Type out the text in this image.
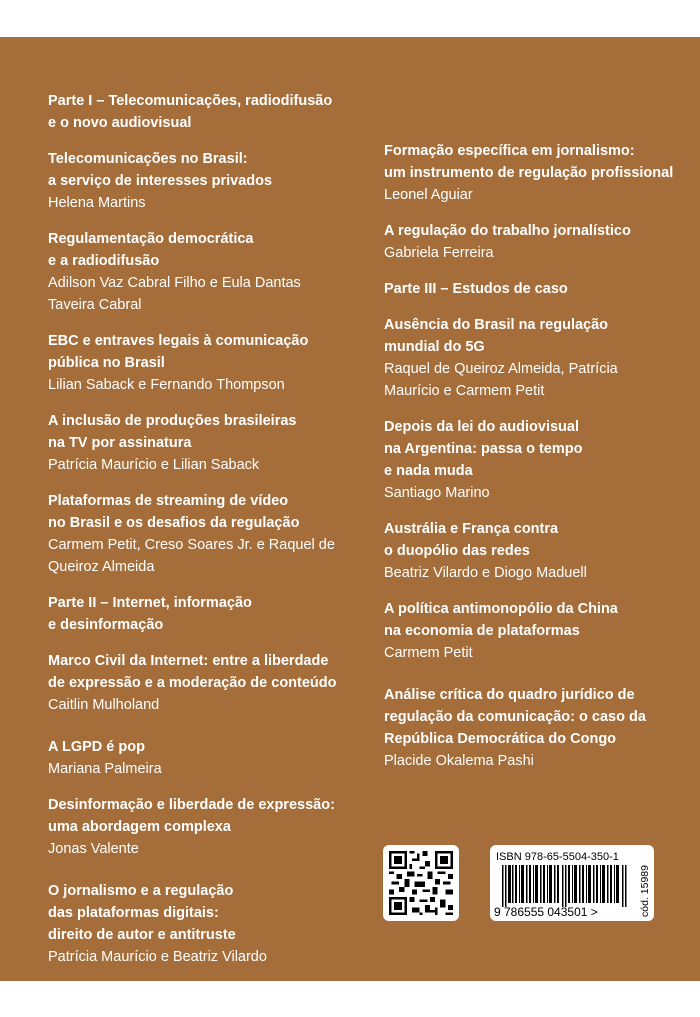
Parte I – Telecomunicações, radiodifusão
e o novo audiovisual
Telecomunicações no Brasil:
a serviço de interesses privados
Helena Martins
Regulamentação democrática
e a radiodifusão
Adilson Vaz Cabral Filho e Eula Dantas
Taveira Cabral
EBC e entraves legais à comunicação
pública no Brasil
Lilian Saback e Fernando Thompson
A inclusão de produções brasileiras
na TV por assinatura
Patrícia Maurício e Lilian Saback
Plataformas de streaming de vídeo
no Brasil e os desafios da regulação
Carmem Petit, Creso Soares Jr. e Raquel de
Queiroz Almeida
Parte II – Internet, informação
e desinformação
Marco Civil da Internet: entre a liberdade
de expressão e a moderação de conteúdo
Caitlin Mulholand
A LGPD é pop
Mariana Palmeira
Desinformação e liberdade de expressão:
uma abordagem complexa
Jonas Valente
O jornalismo e a regulação
das plataformas digitais:
direito de autor e antitruste
Patrícia Maurício e Beatriz Vilardo
Formação específica em jornalismo:
um instrumento de regulação profissional
Leonel Aguiar
A regulação do trabalho jornalístico
Gabriela Ferreira
Parte III – Estudos de caso
Ausência do Brasil na regulação
mundial do 5G
Raquel de Queiroz Almeida, Patrícia
Maurício e Carmem Petit
Depois da lei do audiovisual
na Argentina: passa o tempo
e nada muda
Santiago Marino
Austrália e França contra
o duopólio das redes
Beatriz Vilardo e Diogo Maduell
A política antimonopólio da China
na economia de plataformas
Carmem Petit
Análise crítica do quadro jurídico de
regulação da comunicação: o caso da
República Democrática do Congo
Placide Okalema Pashi
ISBN 978-65-5504-350-1
9 786555 043501 >	cód. 15989
